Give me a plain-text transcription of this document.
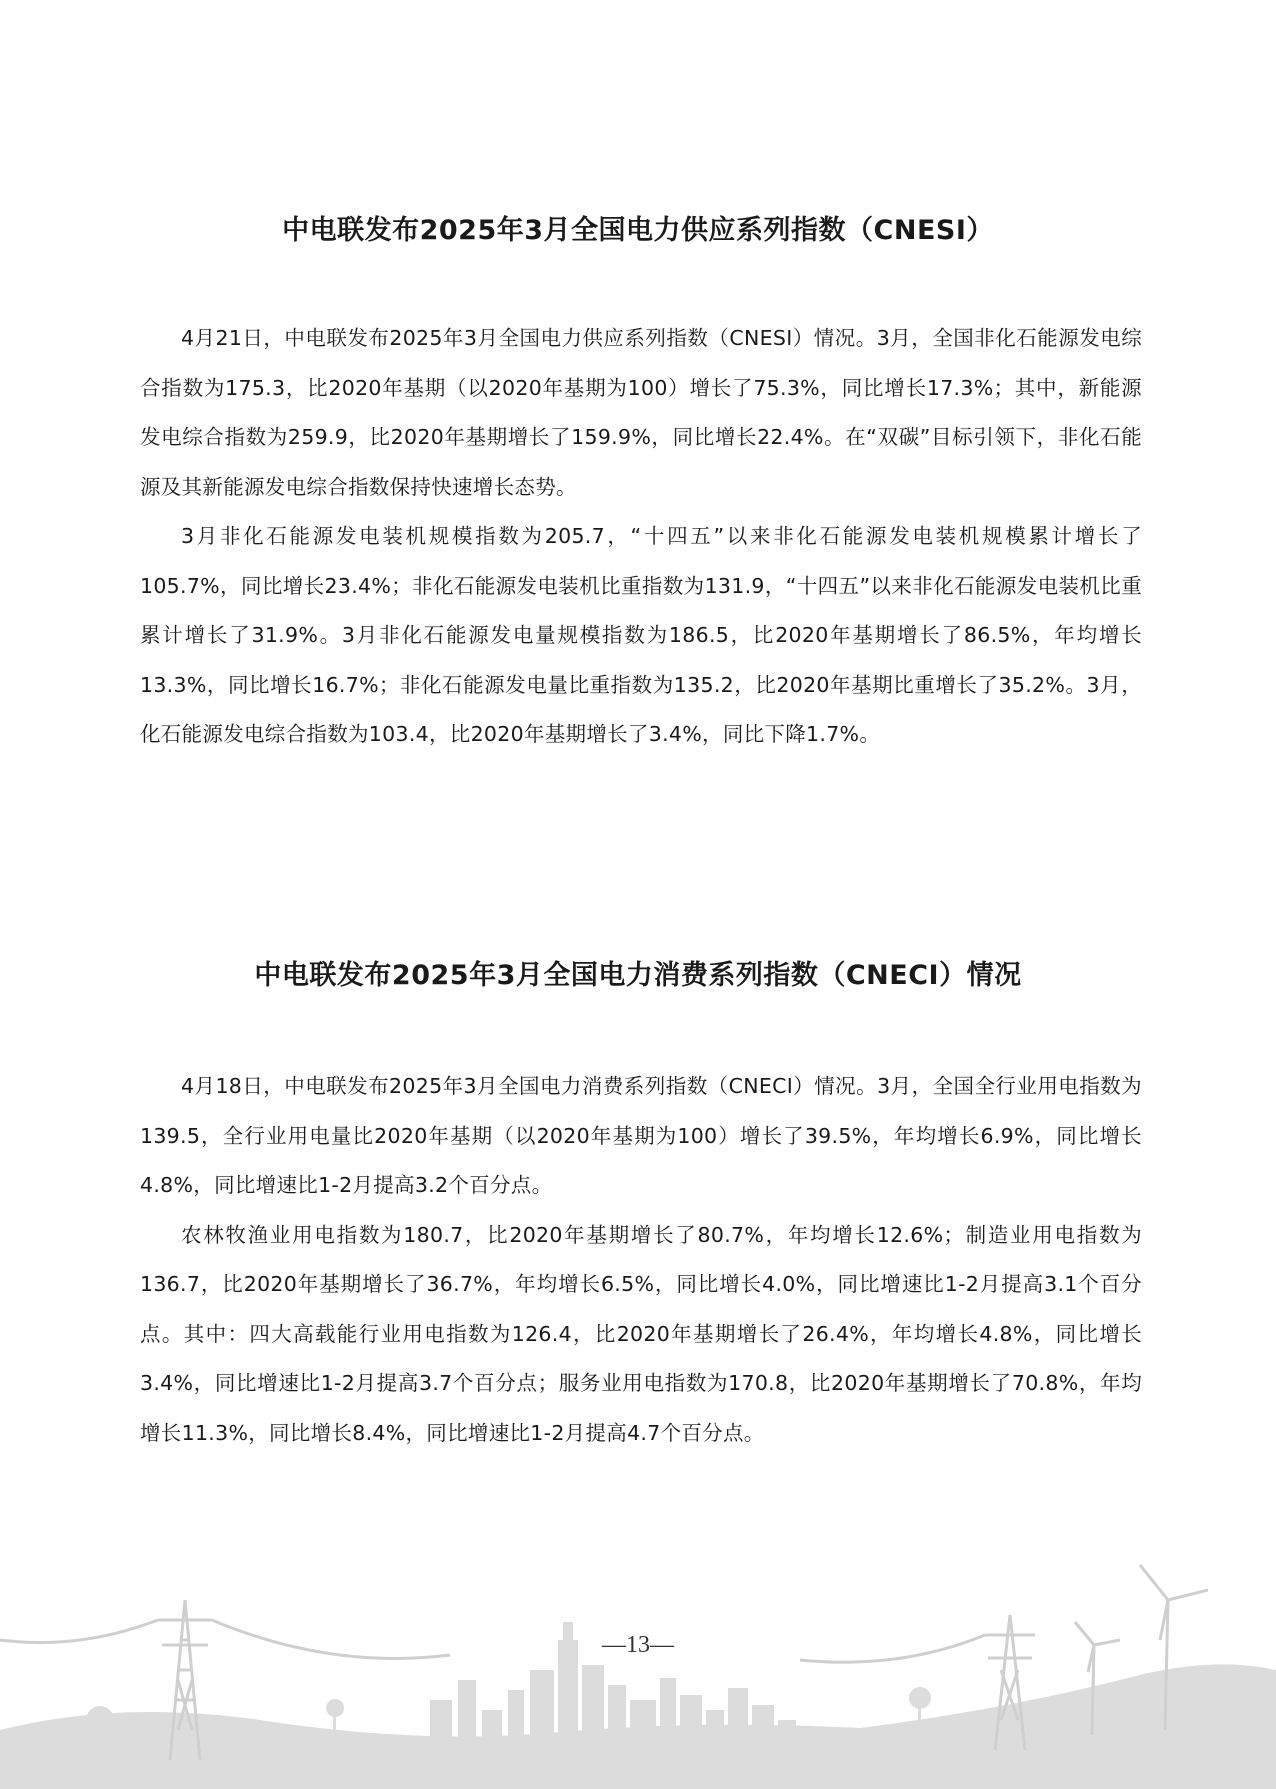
中电联发布2025年3月全国电力供应系列指数（CNESI）

4月21日，中电联发布2025年3月全国电力供应系列指数（CNESI）情况。3月，全国非化石能源发电综合指数为175.3，比2020年基期（以2020年基期为100）增长了75.3%，同比增长17.3%；其中，新能源发电综合指数为259.9，比2020年基期增长了159.9%，同比增长22.4%。在“双碳”目标引领下，非化石能源及其新能源发电综合指数保持快速增长态势。

3月非化石能源发电装机规模指数为205.7，“十四五”以来非化石能源发电装机规模累计增长了105.7%，同比增长23.4%；非化石能源发电装机比重指数为131.9，“十四五”以来非化石能源发电装机比重累计增长了31.9%。3月非化石能源发电量规模指数为186.5，比2020年基期增长了86.5%，年均增长13.3%，同比增长16.7%；非化石能源发电量比重指数为135.2，比2020年基期比重增长了35.2%。3月，化石能源发电综合指数为103.4，比2020年基期增长了3.4%，同比下降1.7%。

中电联发布2025年3月全国电力消费系列指数（CNECI）情况

4月18日，中电联发布2025年3月全国电力消费系列指数（CNECI）情况。3月，全国全行业用电指数为139.5，全行业用电量比2020年基期（以2020年基期为100）增长了39.5%，年均增长6.9%，同比增长4.8%，同比增速比1-2月提高3.2个百分点。

农林牧渔业用电指数为180.7，比2020年基期增长了80.7%，年均增长12.6%；制造业用电指数为136.7，比2020年基期增长了36.7%，年均增长6.5%，同比增长4.0%，同比增速比1-2月提高3.1个百分点。其中：四大高载能行业用电指数为126.4，比2020年基期增长了26.4%，年均增长4.8%，同比增长3.4%，同比增速比1-2月提高3.7个百分点；服务业用电指数为170.8，比2020年基期增长了70.8%，年均增长11.3%，同比增长8.4%，同比增速比1-2月提高4.7个百分点。

—13—
